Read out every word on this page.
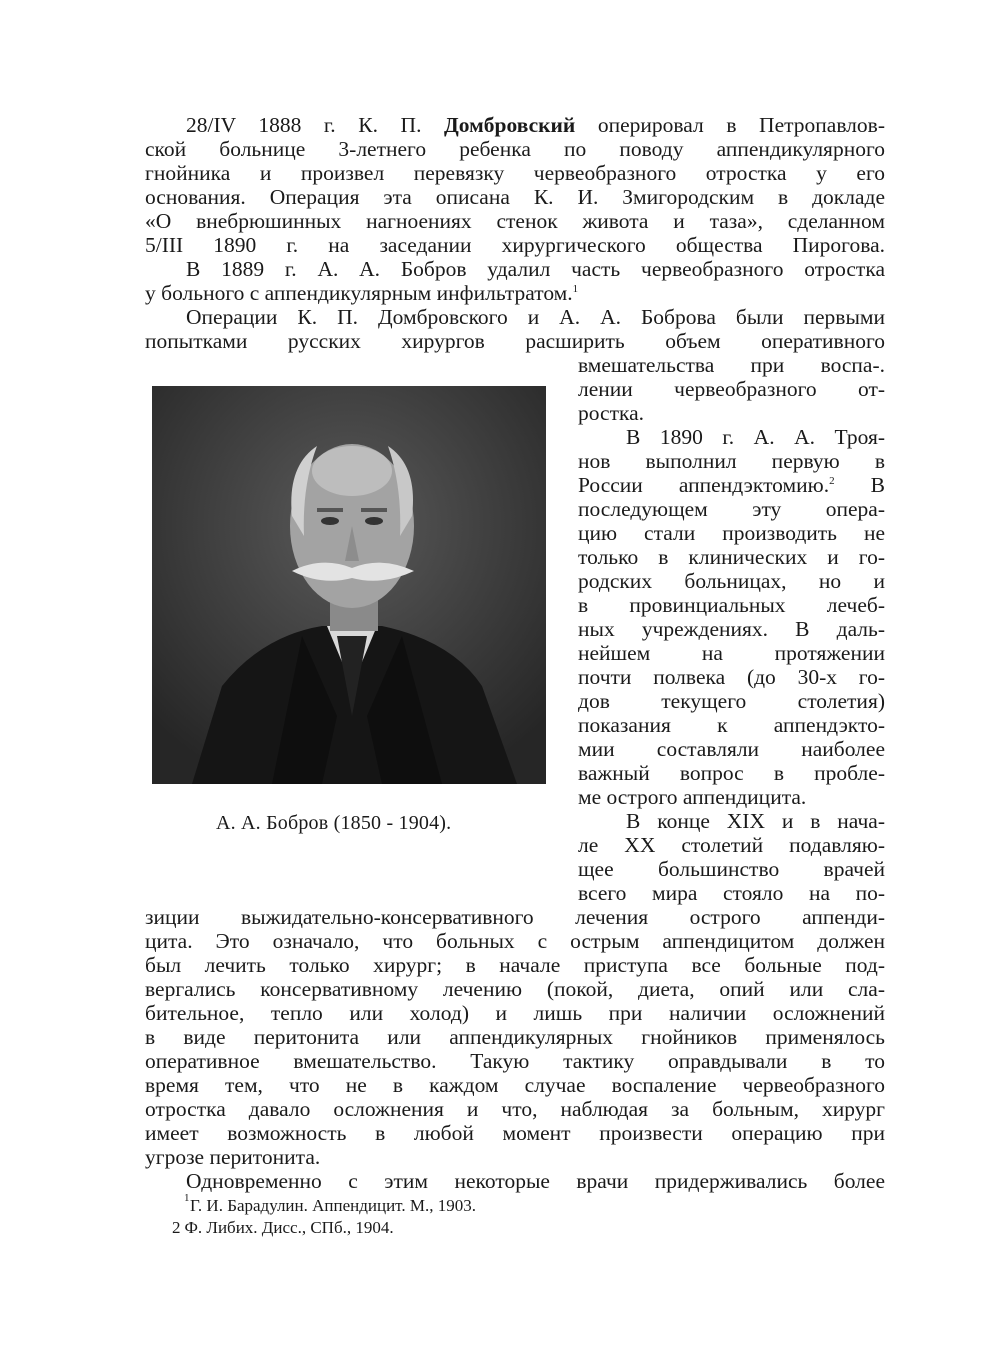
28/IV 1888 г. К. П. Домбровский оперировал в Петропавлов-
ской больнице 3-летнего ребенка по поводу аппендикулярного
гнойника и произвел перевязку червеобразного отростка у его
основания. Операция эта описана К. И. Змигородским в докладе
«О внебрюшинных нагноениях стенок живота и таза», сделанном
5/III 1890 г. на заседании хирургического общества Пирогова.
В 1889 г. А. А. Бобров удалил часть червеобразного отростка
у больного с аппендикулярным инфильтратом.$^1$
Операции К. П. Домбровского и А. А. Боброва были первыми
попытками русских хирургов расширить объем оперативного
вмешательства при воспа-.
лении червеобразного от-
ростка.
А. А. Бобров (1850 - 1904).
В 1890 г. А. А. Троя-
нов выполнил первую в
России аппендэктомию.$^2$ В
последующем эту опера-
цию стали производить не
только в клинических и го-
родских больницах, но и
в провинциальных лечеб-
ных учреждениях. В даль-
нейшем на протяжении
почти полвека (до 30-х го-
дов текущего столетия)
показания к аппендэкто-
мии составляли наиболее
важный вопрос в пробле-
ме острого аппендицита.
В конце XIX и в нача-
ле XX столетий подавляю-
щее большинство врачей
всего мира стояло на по-
зиции выжидательно-консервативного лечения острого аппенди-
цита. Это означало, что больных с острым аппендицитом должен
был лечить только хирург; в начале приступа все больные под-
вергались консервативному лечению (покой, диета, опий или сла-
бительное, тепло или холод) и лишь при наличии осложнений
в виде перитонита или аппендикулярных гнойников применялось
оперативное вмешательство. Такую тактику оправдывали в то
время тем, что не в каждом случае воспаление червеобразного
отростка давало осложнения и что, наблюдая за больным, хирург
имеет возможность в любой момент произвести операцию при
угрозе перитонита.
Одновременно с этим некоторые врачи придерживались более
1 Г. И. Барадулин. Аппендицит. М., 1903.
2 Ф. Либих. Дисс., СПб., 1904.
